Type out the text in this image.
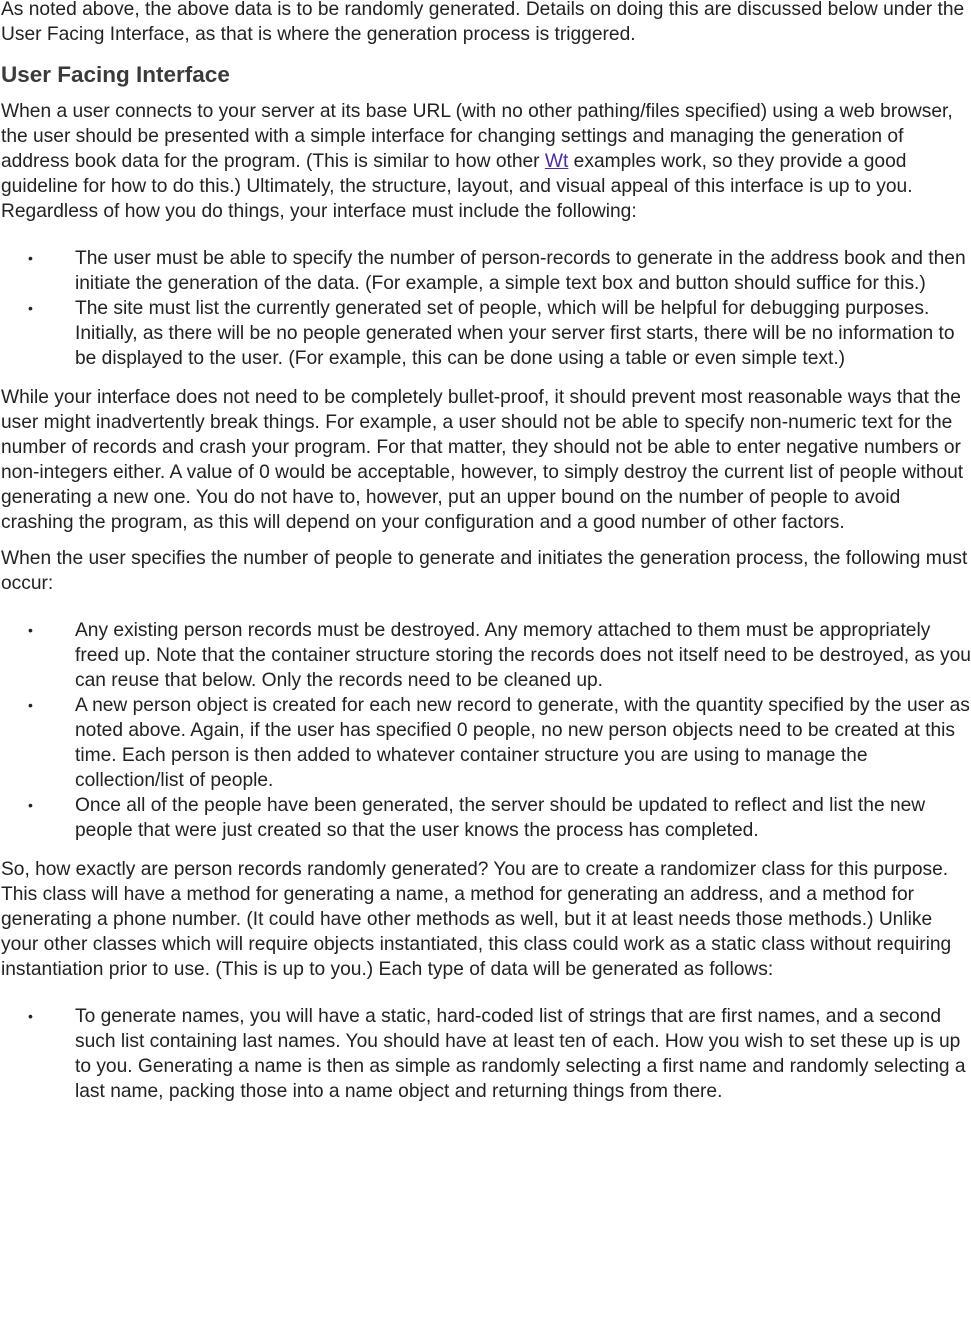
As noted above, the above data is to be randomly generated. Details on doing this are discussed below under the User Facing Interface, as that is where the generation process is triggered.

User Facing Interface

When a user connects to your server at its base URL (with no other pathing/files specified) using a web browser, the user should be presented with a simple interface for changing settings and managing the generation of address book data for the program. (This is similar to how other Wt examples work, so they provide a good guideline for how to do this.) Ultimately, the structure, layout, and visual appeal of this interface is up to you. Regardless of how you do things, your interface must include the following:

• The user must be able to specify the number of person-records to generate in the address book and then initiate the generation of the data. (For example, a simple text box and button should suffice for this.)
• The site must list the currently generated set of people, which will be helpful for debugging purposes. Initially, as there will be no people generated when your server first starts, there will be no information to be displayed to the user. (For example, this can be done using a table or even simple text.)

While your interface does not need to be completely bullet-proof, it should prevent most reasonable ways that the user might inadvertently break things. For example, a user should not be able to specify non-numeric text for the number of records and crash your program. For that matter, they should not be able to enter negative numbers or non-integers either. A value of 0 would be acceptable, however, to simply destroy the current list of people without generating a new one. You do not have to, however, put an upper bound on the number of people to avoid crashing the program, as this will depend on your configuration and a good number of other factors.

When the user specifies the number of people to generate and initiates the generation process, the following must occur:

• Any existing person records must be destroyed. Any memory attached to them must be appropriately freed up. Note that the container structure storing the records does not itself need to be destroyed, as you can reuse that below. Only the records need to be cleaned up.
• A new person object is created for each new record to generate, with the quantity specified by the user as noted above. Again, if the user has specified 0 people, no new person objects need to be created at this time. Each person is then added to whatever container structure you are using to manage the collection/list of people.
• Once all of the people have been generated, the server should be updated to reflect and list the new people that were just created so that the user knows the process has completed.

So, how exactly are person records randomly generated? You are to create a randomizer class for this purpose. This class will have a method for generating a name, a method for generating an address, and a method for generating a phone number. (It could have other methods as well, but it at least needs those methods.) Unlike your other classes which will require objects instantiated, this class could work as a static class without requiring instantiation prior to use. (This is up to you.) Each type of data will be generated as follows:

• To generate names, you will have a static, hard-coded list of strings that are first names, and a second such list containing last names. You should have at least ten of each. How you wish to set these up is up to you. Generating a name is then as simple as randomly selecting a first name and randomly selecting a last name, packing those into a name object and returning things from there.
